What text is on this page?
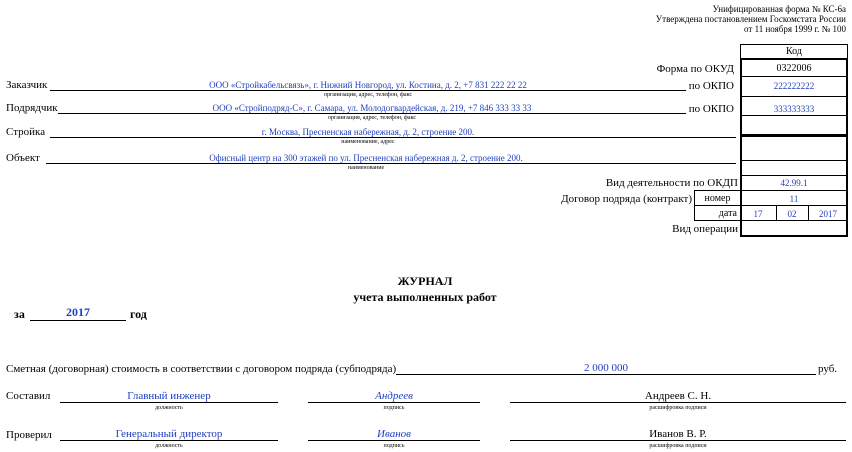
Унифицированная форма № КС-6а
Утверждена постановлением Госкомстата России
от 11 ноября 1999 г. № 100
Код
Форма по ОКУД	0322006
по ОКПО	222222222
по ОКПО	333333333
Вид деятельности по ОКДП	42.99.1
Договор подряда (контракт)	номер	11
дата	17	02	2017
Вид операции
Заказчик	ООО «Стройкабельсвязь», г. Нижний Новгород, ул. Костина, д. 2, +7 831 222 22 22
организация, адрес, телефон, факс
Подрядчик	ООО «Стройподряд-С», г. Самара, ул. Молодогвардейская, д. 219, +7 846 333 33 33
организация, адрес, телефон, факс
Стройка	г. Москва, Пресненская набережная, д. 2, строение 200.
наименование, адрес
Объект	Офисный центр на 300 этажей по ул. Пресненская набережная д. 2, строение 200.
наименование
ЖУРНАЛ
учета выполненных работ
за	2017	год
Сметная (договорная) стоимость в соответствии с договором подряда (субподряда)	2 000 000	руб.
Составил	Главный инженер
должность
Андреев
подпись
Андреев С. Н.
расшифровка подписи
Проверил	Генеральный директор
должность
Иванов
подпись
Иванов В. Р.
расшифровка подписи
